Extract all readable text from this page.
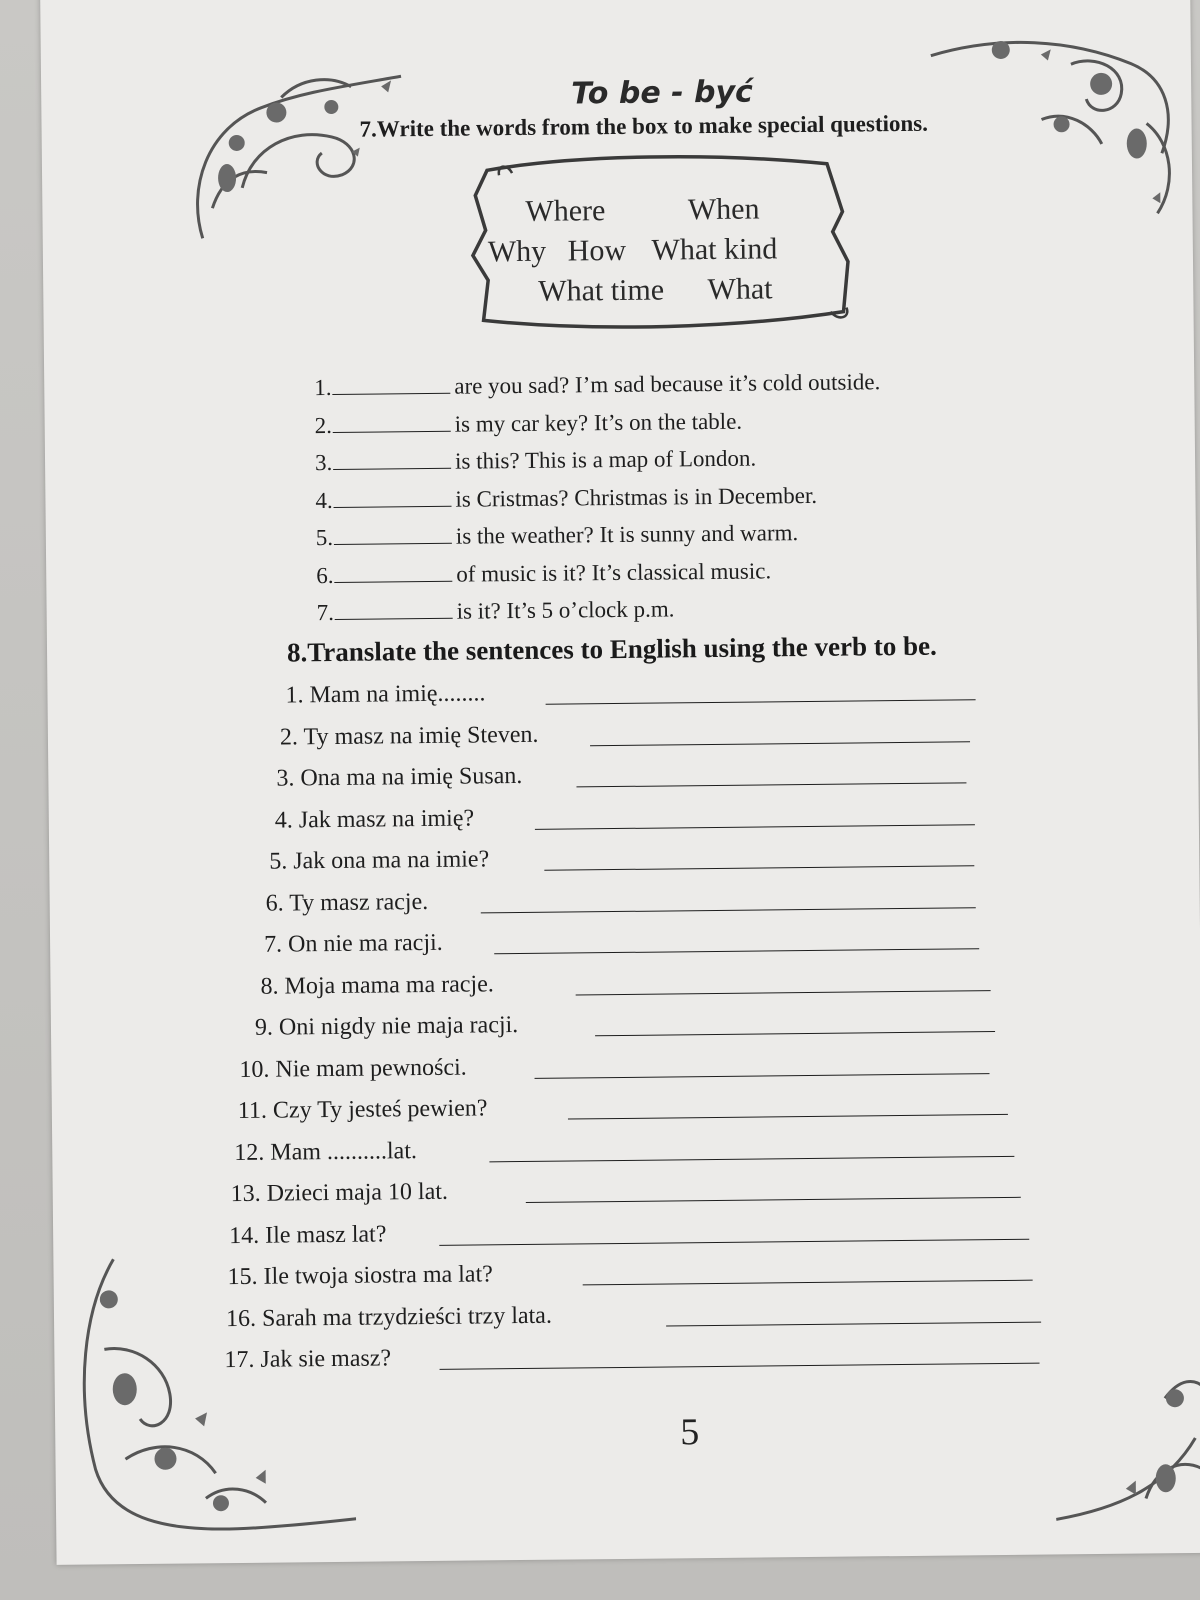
To be - być
7.Write the words from the box to make special questions.
Where	When
Why How What kind
What time What
1.	are you sad? I’m sad because it’s cold outside.
2.	is my car key? It’s on the table.
3.	is this? This is a map of London.
4.	is Cristmas? Christmas is in December.
5.	is the weather? It is sunny and warm.
6.	of music is it? It’s classical music.
7.	is it? It’s 5 o’clock p.m.
8.Translate the sentences to English using the verb to be.
1. Mam na imię........
2. Ty masz na imię Steven.
3. Ona ma na imię Susan.
4. Jak masz na imię?
5. Jak ona ma na imie?
6. Ty masz racje.
7. On nie ma racji.
8. Moja mama ma racje.
9. Oni nigdy nie maja racji.
10. Nie mam pewności.
11. Czy Ty jesteś pewien?
12. Mam ..........lat.
13. Dzieci maja 10 lat.
14. Ile masz lat?
15. Ile twoja siostra ma lat?
16. Sarah ma trzydzieści trzy lata.
17. Jak sie masz?
5
